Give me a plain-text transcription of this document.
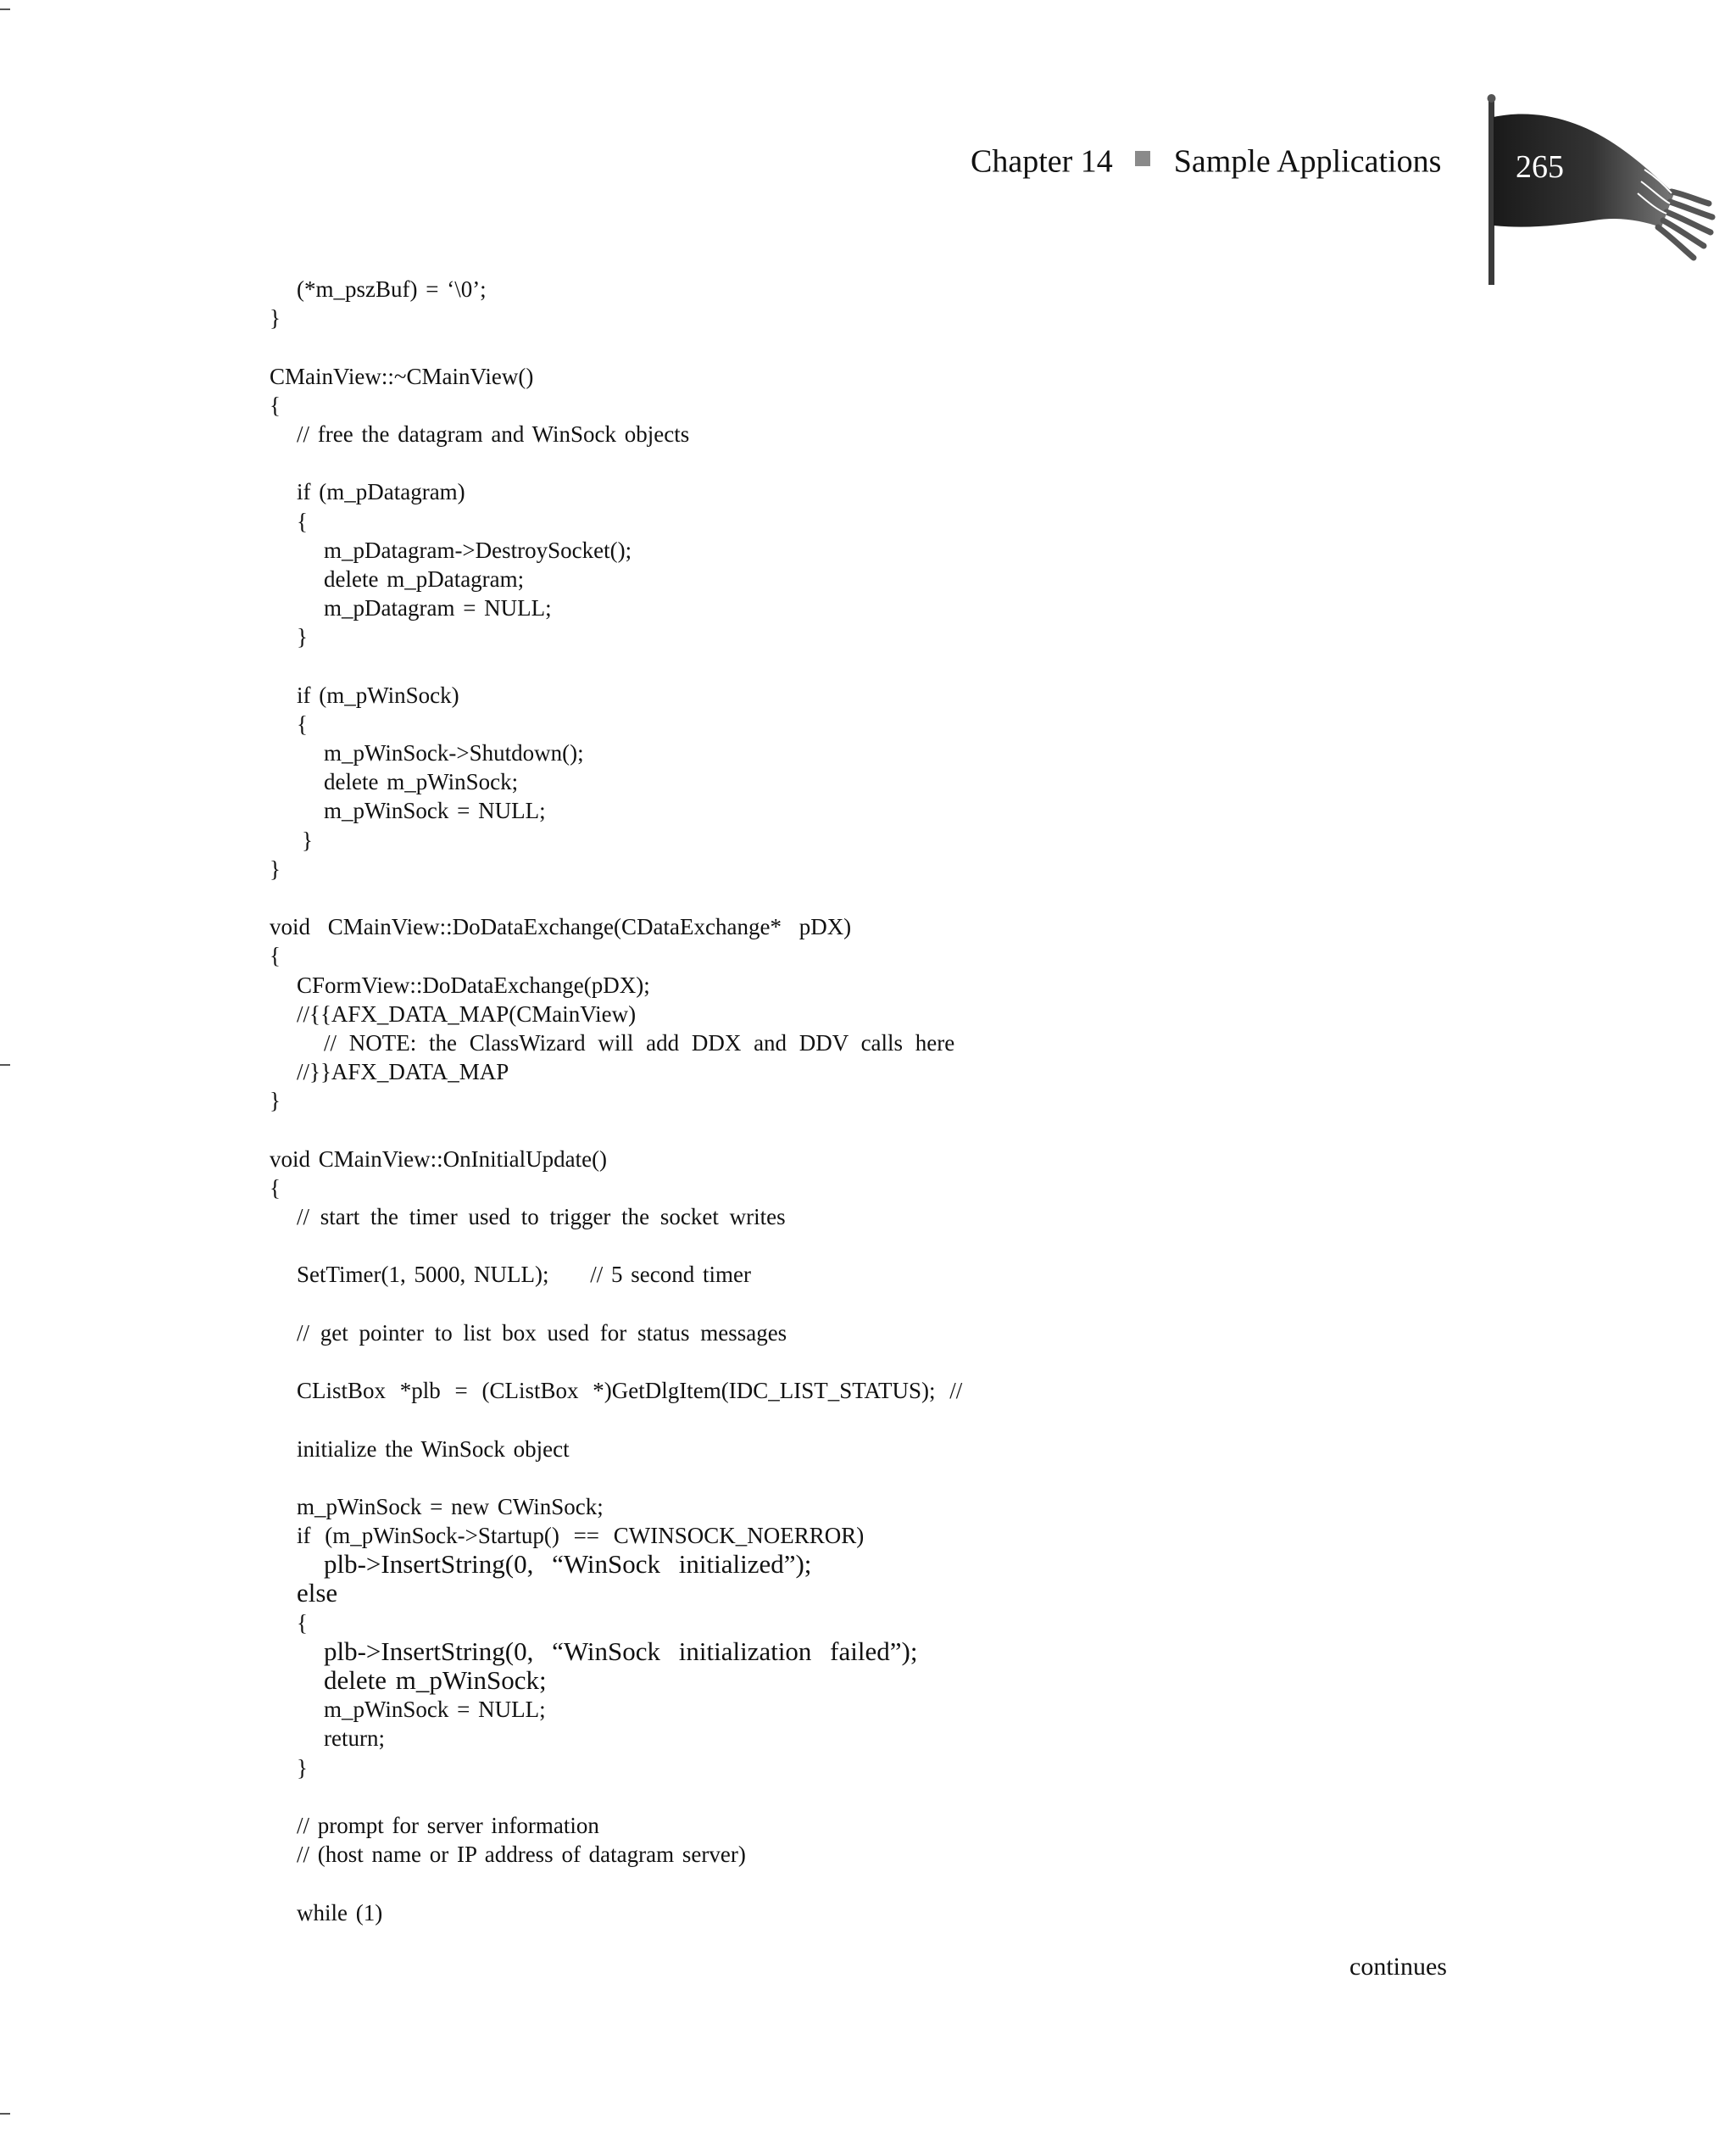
Chapter 14 Sample Applications 265
(*m_pszBuf) = ‘\0’;
}
CMainView::~CMainView()
{
// free the datagram and WinSock objects
if (m_pDatagram)
{
m_pDatagram->DestroySocket();
delete m_pDatagram;
m_pDatagram = NULL;
}
if (m_pWinSock)
{
m_pWinSock->Shutdown();
delete m_pWinSock;
m_pWinSock = NULL;
}
}
void CMainView::DoDataExchange(CDataExchange* pDX)
{
CFormView::DoDataExchange(pDX);
//{{AFX_DATA_MAP(CMainView)
// NOTE: the ClassWizard will add DDX and DDV calls here
//}}AFX_DATA_MAP
}
void CMainView::OnInitialUpdate()
{
// start the timer used to trigger the socket writes
SetTimer(1, 5000, NULL);     // 5 second timer
// get pointer to list box used for status messages
CListBox *plb = (CListBox *)GetDlgItem(IDC_LIST_STATUS); //
initialize the WinSock object
m_pWinSock = new CWinSock;
if (m_pWinSock->Startup() == CWINSOCK_NOERROR)
plb->InsertString(0, “WinSock initialized”);
else
{
plb->InsertString(0, “WinSock initialization failed”);
delete m_pWinSock;
m_pWinSock = NULL;
return;
}
// prompt for server information
// (host name or IP address of datagram server)
while (1)
continues
